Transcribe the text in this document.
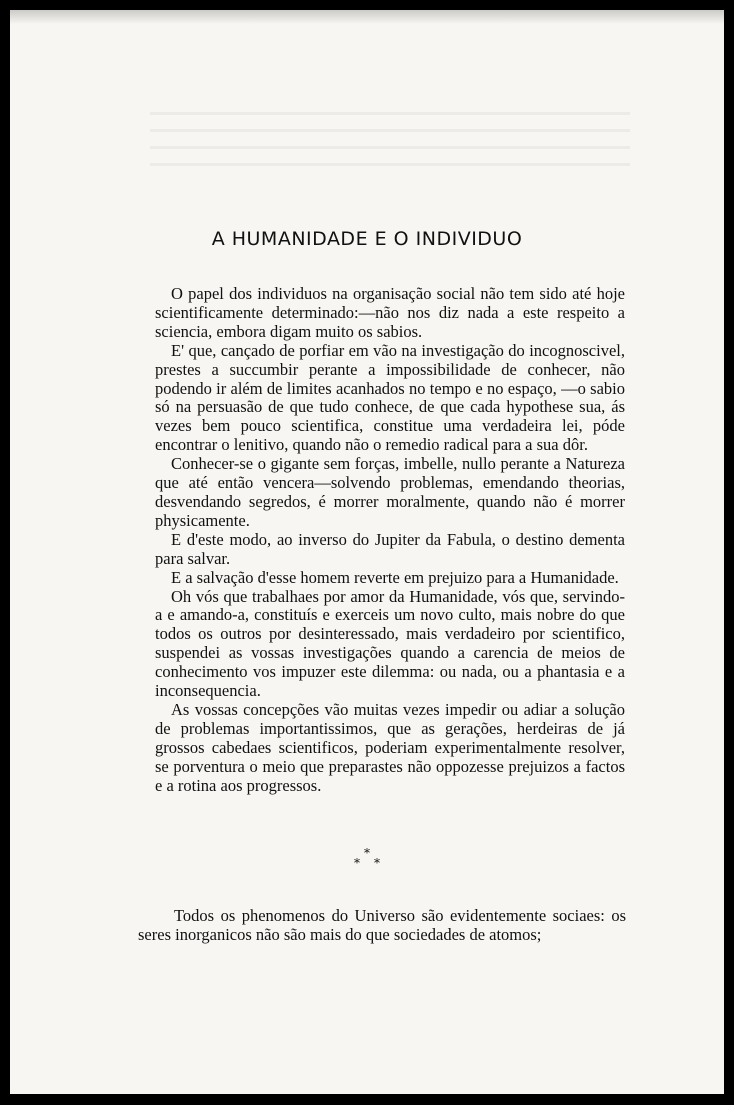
A HUMANIDADE E O INDIVIDUO

O papel dos individuos na organisação social não tem sido até hoje scientificamente determinado:—não nos diz nada a este respeito a sciencia, embora digam muito os sabios.

E' que, cançado de porfiar em vão na investigação do incognoscivel, prestes a succumbir perante a impossibilidade de conhecer, não podendo ir além de limites acanhados no tempo e no espaço, —o sabio só na persuasão de que tudo conhece, de que cada hypothese sua, ás vezes bem pouco scientifica, constitue uma verdadeira lei, póde encontrar o lenitivo, quando não o remedio radical para a sua dôr.

Conhecer-se o gigante sem forças, imbelle, nullo perante a Natureza que até então vencera—solvendo problemas, emendando theorias, desvendando segredos, é morrer moralmente, quando não é morrer physicamente.

E d'este modo, ao inverso do Jupiter da Fabula, o destino dementa para salvar.

E a salvação d'esse homem reverte em prejuizo para a Humanidade.

Oh vós que trabalhaes por amor da Humanidade, vós que, servindo-a e amando-a, constituís e exerceis um novo culto, mais nobre do que todos os outros por desinteressado, mais verdadeiro por scientifico, suspendei as vossas investigações quando a carencia de meios de conhecimento vos impuzer este dilemma: ou nada, ou a phantasia e a inconsequencia.

As vossas concepções vão muitas vezes impedir ou adiar a solução de problemas importantissimos, que as gerações, herdeiras de já grossos cabedaes scientificos, poderiam experimentalmente resolver, se porventura o meio que preparastes não oppozesse prejuizos a factos e a rotina aos progressos.

*
**

Todos os phenomenos do Universo são evidentemente sociaes: os seres inorganicos não são mais do que sociedades de atomos;
